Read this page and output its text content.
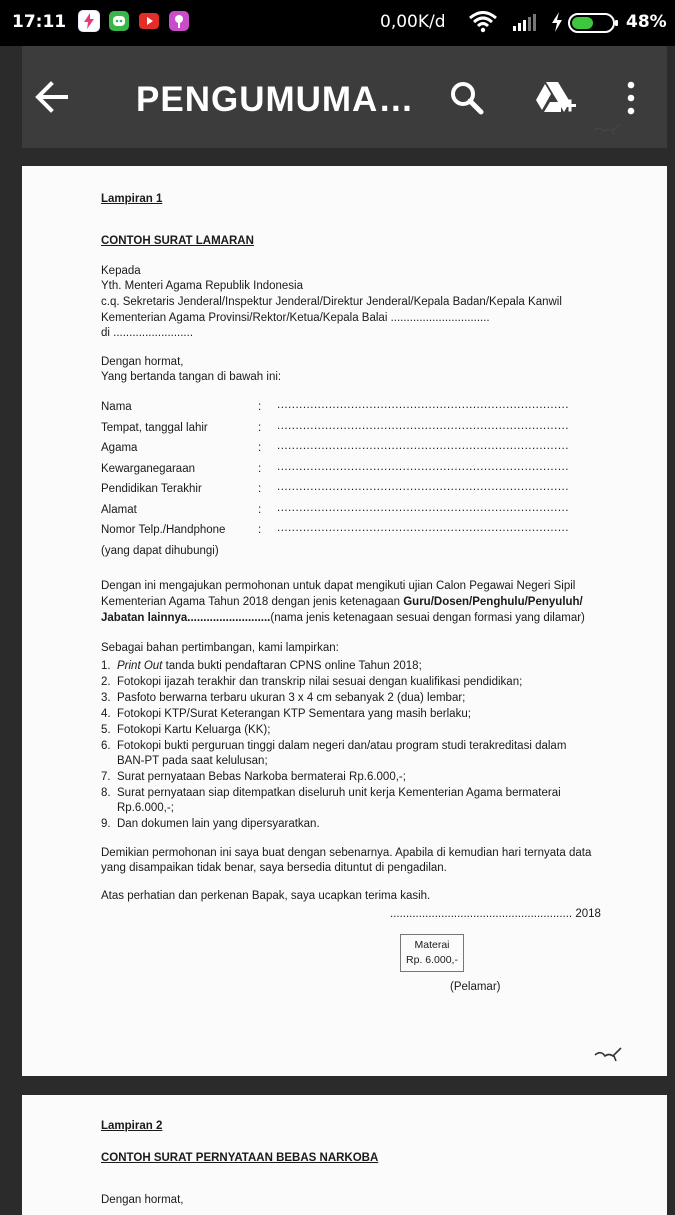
17:11	0,00K/d	48%
PENGUMUMA…
Lampiran 1
CONTOH SURAT LAMARAN
Kepada
Yth. Menteri Agama Republik Indonesia
c.q. Sekretaris Jenderal/Inspektur Jenderal/Direktur Jenderal/Kepala Badan/Kepala Kanwil
Kementerian Agama Provinsi/Rektor/Ketua/Kepala Balai ...............................
di .........................
Dengan hormat,
Yang bertanda tangan di bawah ini:
Nama	: ...............................................................................
Tempat, tanggal lahir	: ...............................................................................
Agama	: ...............................................................................
Kewarganegaraan	: ...............................................................................
Pendidikan Terakhir	: ...............................................................................
Alamat	: ...............................................................................
Nomor Telp./Handphone	: ...............................................................................
(yang dapat dihubungi)
Dengan ini mengajukan permohonan untuk dapat mengikuti ujian Calon Pegawai Negeri Sipil
Kementerian Agama Tahun 2018 dengan jenis ketenagaan Guru/Dosen/Penghulu/Penyuluh/
Jabatan lainnya..........................(nama jenis ketenagaan sesuai dengan formasi yang dilamar)
Sebagai bahan pertimbangan, kami lampirkan:
1. Print Out tanda bukti pendaftaran CPNS online Tahun 2018;
2. Fotokopi ijazah terakhir dan transkrip nilai sesuai dengan kualifikasi pendidikan;
3. Pasfoto berwarna terbaru ukuran 3 x 4 cm sebanyak 2 (dua) lembar;
4. Fotokopi KTP/Surat Keterangan KTP Sementara yang masih berlaku;
5. Fotokopi Kartu Keluarga (KK);
6. Fotokopi bukti perguruan tinggi dalam negeri dan/atau program studi terakreditasi dalam
BAN-PT pada saat kelulusan;
7. Surat pernyataan Bebas Narkoba bermaterai Rp.6.000,-;
8. Surat pernyataan siap ditempatkan diseluruh unit kerja Kementerian Agama bermaterai
Rp.6.000,-;
9. Dan dokumen lain yang dipersyaratkan.
Demikian permohonan ini saya buat dengan sebenarnya. Apabila di kemudian hari ternyata data
yang disampaikan tidak benar, saya bersedia dituntut di pengadilan.
Atas perhatian dan perkenan Bapak, saya ucapkan terima kasih.
......................................................... 2018
Materai
Rp. 6.000,-
(Pelamar)
Lampiran 2
CONTOH SURAT PERNYATAAN BEBAS NARKOBA
Dengan hormat,
